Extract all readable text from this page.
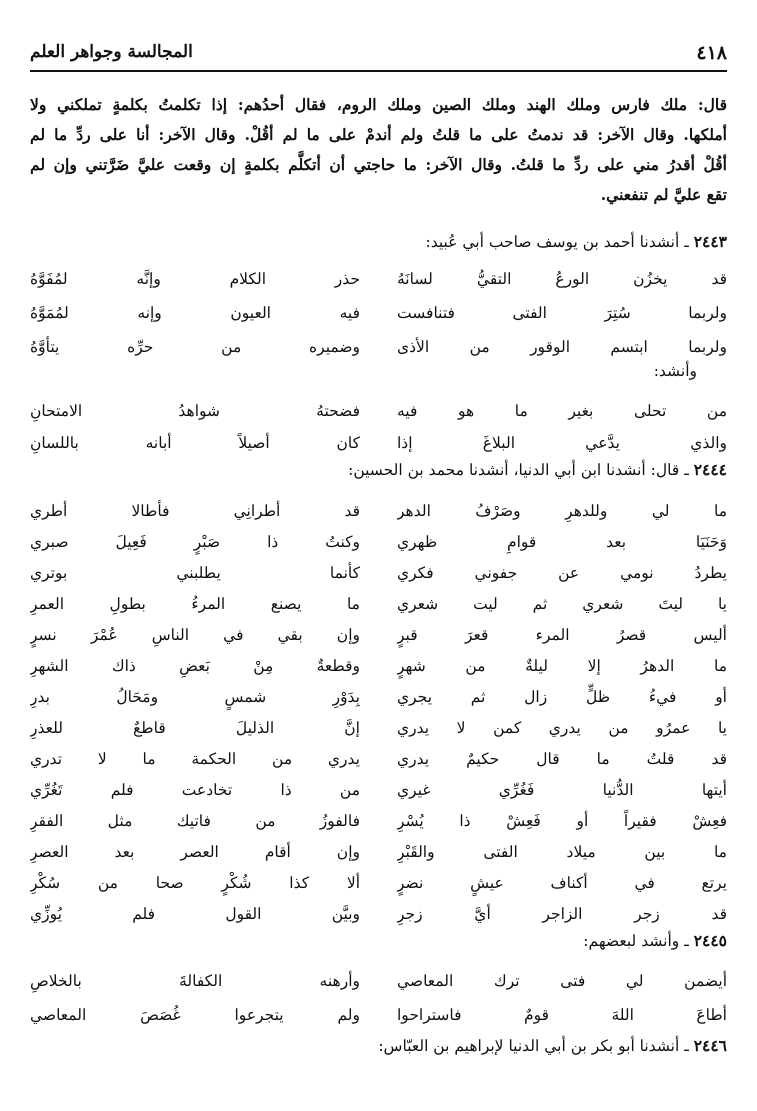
٤١٨
المجالسة وجواهر العلم
قال: ملك فارس وملك الهند وملك الصين وملك الروم، فقال أحدُهم: إذا تكلمتُ بكلمةٍ تملكني ولا
أملكها. وقال الآخر: قد ندمتُ على ما قلتُ ولم أندمْ على ما لم أقُلْ. وقال الآخر: أنا على ردِّ ما لم
أقُلْ أقدرُ مني على ردِّ ما قلتُ. وقال الآخر: ما حاجتي أن أتكلَّم بكلمةٍ إن وقعت عليَّ ضَرَّتني وإن لم
تقع عليَّ لم تنفعني.
٢٤٤٣ ـ أنشدنا أحمد بن يوسف صاحب أبي عُبيد:
قد يخزُن الورعُ التقيُّ لسانَهُ
حذر الكلام وإنَّه لمُفَوَّهُ
ولربما سُتِرَ الفتى فتنافست
فيه العيون وإنه لمُمَوَّهُ
ولربما ابتسم الوقور من الأذى
وضميره من حرِّه يتأوَّهُ
وأنشد:
من تحلى بغير ما هو فيه
فضحتهُ شواهدُ الامتحانِ
والذي يدَّعي البلاغَ إذا
كان أصيلاً أبانه باللسانِ
٢٤٤٤ ـ قال: أنشدنا ابن أبي الدنيا، أنشدنا محمد بن الحسين:
ما لي وللدهرِ وصَرْفُ الدهر
قد أطرانِي فأطالا أطري
وَحَنَيَا بعد قوامِ ظهري
وكنتُ ذا صَبْرٍ فَعِيلَ صبري
يطردُ نومي عن جفوني فكري
كأنما يطلبني بوتري
يا ليتَ شعري ثم ليت شعري
ما يصنع المرءُ بطولِ العمرِ
أليس قصرُ المرء قعرَ قبرٍ
وإن بقي في الناسِ عُمْرَ نسرٍ
ما الدهرُ إلا ليلةٌ من شهرٍ
وقطعةٌ مِنْ بَعضِ ذاك الشهرِ
أو فيءُ ظلٍّ زال ثم يجري
بِدَوْرِ شمسٍ ومَحَالُ بدرِ
يا عمرُو من يدري كمن لا يدري
إنَّ الذليلَ قاطعٌ للعذرِ
قد قلتُ ما قال حكيمٌ يدري
يدري من الحكمة ما لا تدري
أيتها الدُّنيا فَغُرِّي غيري
من ذا تخادعت فلم تَغُرِّي
فعِشْ فقيراً أو فَعِشْ ذا يُسْرِ
فالفوزُ من فاتيك مثل الفقرِ
ما بين ميلاد الفتى والقَبْرِ
وإن أقام العصر بعد العصرِ
يرتع في أكناف عيشٍ نضرٍ
ألا كذا شُكْرٍ صحا من سُكْرِ
قد زجر الزاجر أيَّ زجرِ
وبيَّن القول فلم يُوزِّي
٢٤٤٥ ـ وأنشد لبعضهم:
أيضمن لي فتى ترك المعاصي
وأرهنه الكفالةَ بالخلاصِ
أطاعَ اللهَ قومٌ فاستراحوا
ولم يتجرعوا غُصَصَ المعاصي
٢٤٤٦ ـ أنشدنا أبو بكر بن أبي الدنيا لإبراهيم بن العبّاس:
